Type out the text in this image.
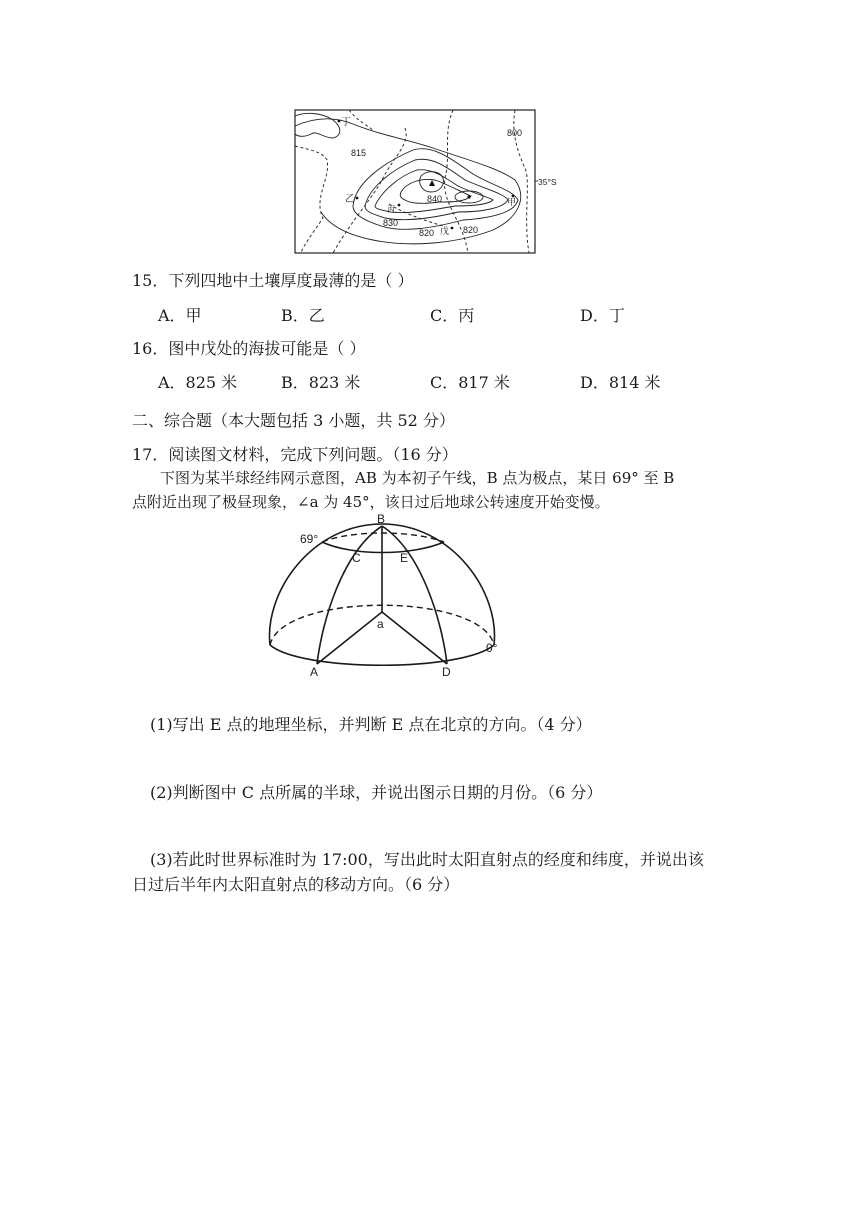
800
815
840
830
820	820
35°S
丁
乙
丙
甲
戊
15．下列四地中土壤厚度最薄的是（ ）
A．甲	B．乙	C．丙	D．丁
16．图中戊处的海拔可能是（ ）
A．825 米	B．823 米	C．817 米	D．814 米
二、综合题（本大题包括 3 小题，共 52 分）
17．阅读图文材料，完成下列问题。（16 分）
下图为某半球经纬网示意图，AB 为本初子午线，B 点为极点，某日 69° 至 B
点附近出现了极昼现象，∠a 为 45°，该日过后地球公转速度开始变慢。
B
69°
C	E
a
0°
A	D
(1)写出 E 点的地理坐标，并判断 E 点在北京的方向。（4 分）
(2)判断图中 C 点所属的半球，并说出图示日期的月份。（6 分）
(3)若此时世界标准时为 17:00，写出此时太阳直射点的经度和纬度，并说出该
日过后半年内太阳直射点的移动方向。（6 分）
